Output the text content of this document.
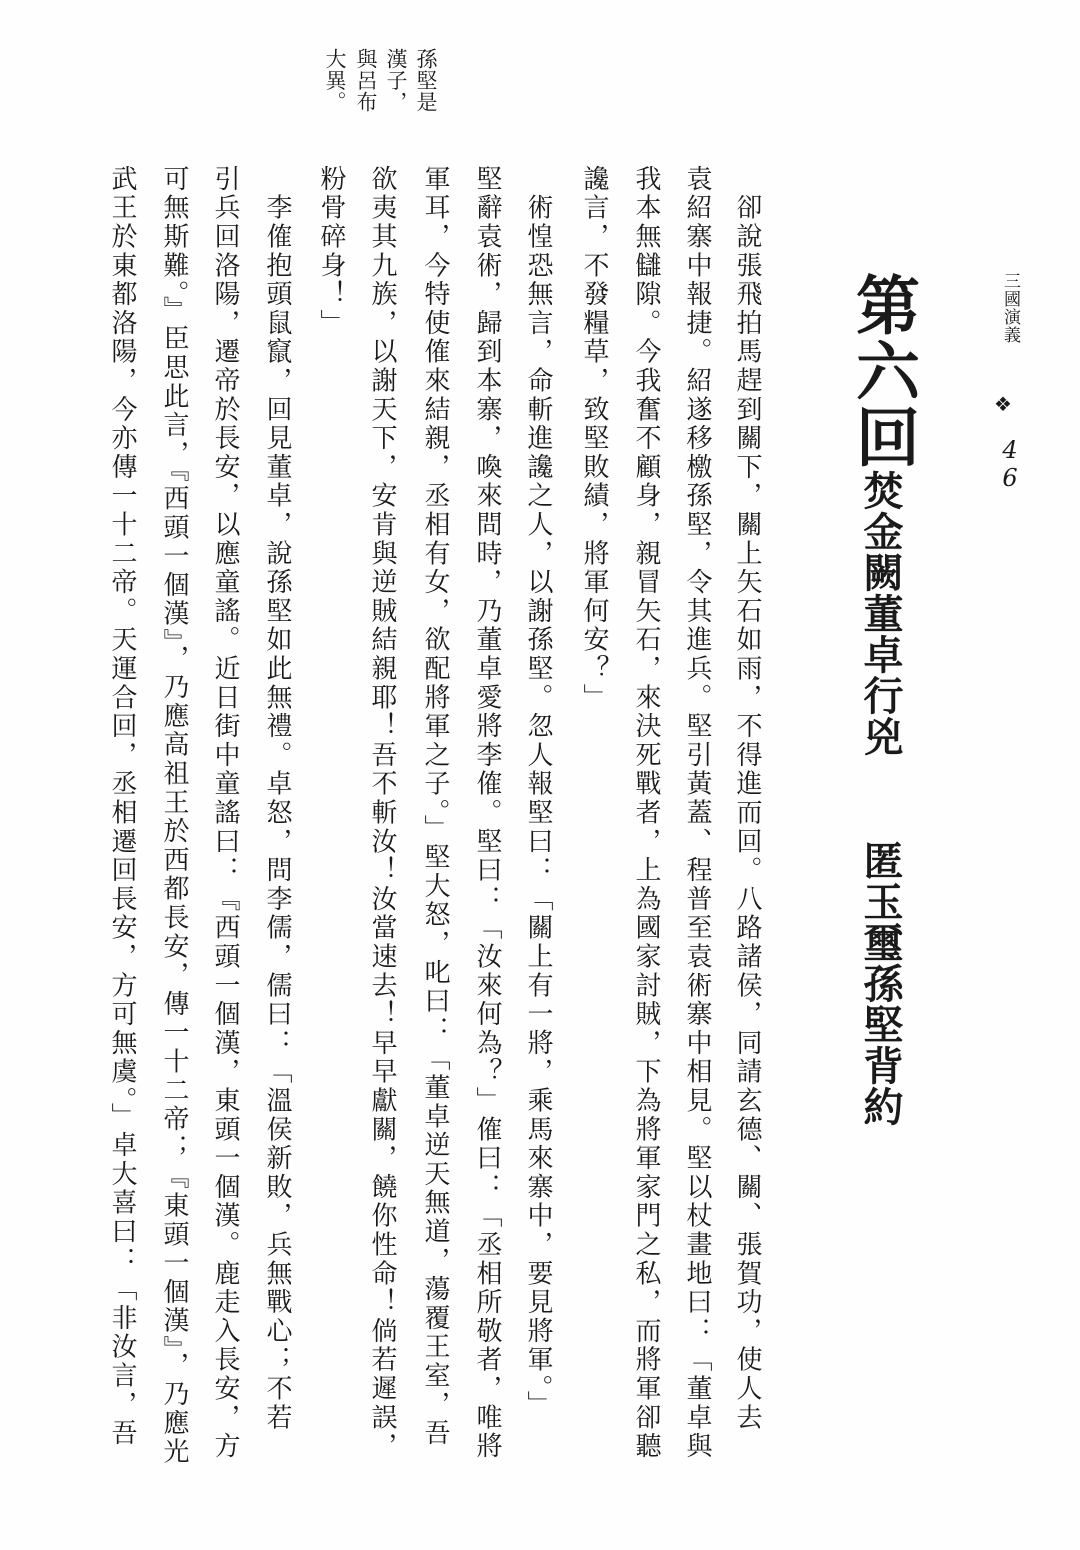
三國演義

❖

46

第六回
焚金闕董卓行兇
匿玉璽孫堅背約

　卻說張飛拍馬趕到關下，關上矢石如雨，不得進而回。八路諸侯，同請玄德、關、張賀功，使人去

袁紹寨中報捷。紹遂移檄孫堅，令其進兵。堅引黃蓋、程普至袁術寨中相見。堅以杖畫地曰：「董卓與

我本無讎隙。今我奮不顧身，親冒矢石，來決死戰者，上為國家討賊，下為將軍家門之私，而將軍卻聽

讒言，不發糧草，致堅敗績，將軍何安？」

　術惶恐無言，命斬進讒之人，以謝孫堅。忽人報堅曰：「關上有一將，乘馬來寨中，要見將軍。」

堅辭袁術，歸到本寨，喚來問時，乃董卓愛將李傕。堅曰：「汝來何為？」傕曰：「丞相所敬者，唯將

軍耳，今特使傕來結親，丞相有女，欲配將軍之子。」堅大怒，叱曰：「董卓逆天無道，蕩覆王室，吾

欲夷其九族，以謝天下，安肯與逆賊結親耶！吾不斬汝！汝當速去！早早獻關，饒你性命！倘若遲誤，

粉骨碎身！」

　李傕抱頭鼠竄，回見董卓，說孫堅如此無禮。卓怒，問李儒，儒曰：「溫侯新敗，兵無戰心；不若

引兵回洛陽，遷帝於長安，以應童謠。近日街中童謠曰：『西頭一個漢，東頭一個漢。鹿走入長安，方

可無斯難。』臣思此言，『西頭一個漢』，乃應高祖王於西都長安，傳一十二帝；『東頭一個漢』，乃應光

武王於東都洛陽，今亦傳一十二帝。天運合回，丞相遷回長安，方可無虞。」卓大喜曰：「非汝言，吾

孫堅是

漢子，

與呂布

大異。
